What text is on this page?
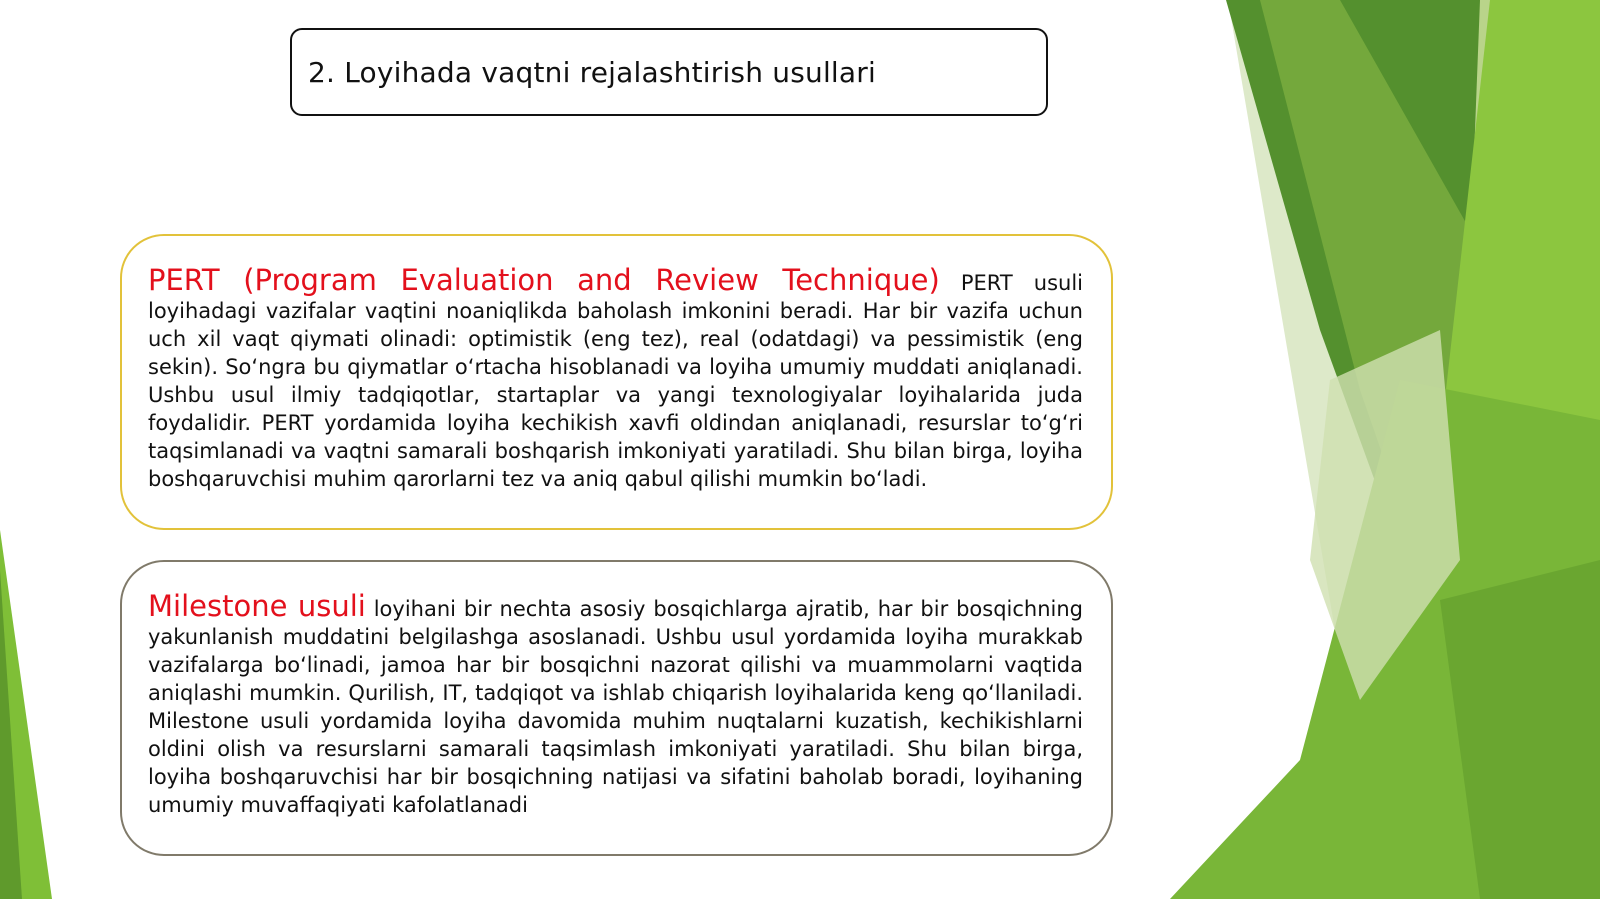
2. Loyihada vaqtni rejalashtirish usullari

PERT (Program Evaluation and Review Technique) PERT usuli loyihadagi vazifalar vaqtini noaniqlikda baholash imkonini beradi. Har bir vazifa uchun uch xil vaqt qiymati olinadi: optimistik (eng tez), real (odatdagi) va pessimistik (eng sekin). So‘ngra bu qiymatlar o‘rtacha hisoblanadi va loyiha umumiy muddati aniqlanadi. Ushbu usul ilmiy tadqiqotlar, startaplar va yangi texnologiyalar loyihalarida juda foydalidir. PERT yordamida loyiha kechikish xavfi oldindan aniqlanadi, resurslar to‘g‘ri taqsimlanadi va vaqtni samarali boshqarish imkoniyati yaratiladi. Shu bilan birga, loyiha boshqaruvchisi muhim qarorlarni tez va aniq qabul qilishi mumkin bo‘ladi.

Milestone usuli loyihani bir nechta asosiy bosqichlarga ajratib, har bir bosqichning yakunlanish muddatini belgilashga asoslanadi. Ushbu usul yordamida loyiha murakkab vazifalarga bo‘linadi, jamoa har bir bosqichni nazorat qilishi va muammolarni vaqtida aniqlashi mumkin. Qurilish, IT, tadqiqot va ishlab chiqarish loyihalarida keng qo‘llaniladi. Milestone usuli yordamida loyiha davomida muhim nuqtalarni kuzatish, kechikishlarni oldini olish va resurslarni samarali taqsimlash imkoniyati yaratiladi. Shu bilan birga, loyiha boshqaruvchisi har bir bosqichning natijasi va sifatini baholab boradi, loyihaning umumiy muvaffaqiyati kafolatlanadi
